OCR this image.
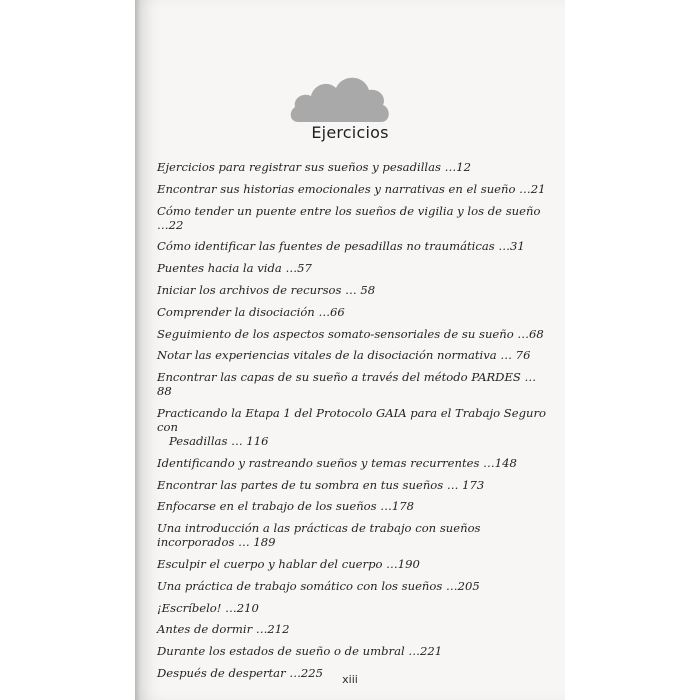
Ejercicios
Ejercicios para registrar sus sueños y pesadillas …12
Encontrar sus historias emocionales y narrativas en el sueño …21
Cómo tender un puente entre los sueños de vigilia y los de sueño …22
Cómo identificar las fuentes de pesadillas no traumáticas …31
Puentes hacia la vida …57
Iniciar los archivos de recursos … 58
Comprender la disociación …66
Seguimiento de los aspectos somato-sensoriales de su sueño …68
Notar las experiencias vitales de la disociación normativa … 76
Encontrar las capas de su sueño a través del método PARDES …88
Practicando la Etapa 1 del Protocolo GAIA para el Trabajo Seguro con
Pesadillas … 116
Identificando y rastreando sueños y temas recurrentes …148
Encontrar las partes de tu sombra en tus sueños … 173
Enfocarse en el trabajo de los sueños …178
Una introducción a las prácticas de trabajo con sueños incorporados … 189
Esculpir el cuerpo y hablar del cuerpo …190
Una práctica de trabajo somático con los sueños …205
¡Escríbelo! …210
Antes de dormir …212
Durante los estados de sueño o de umbral …221
Después de despertar …225	xiii
